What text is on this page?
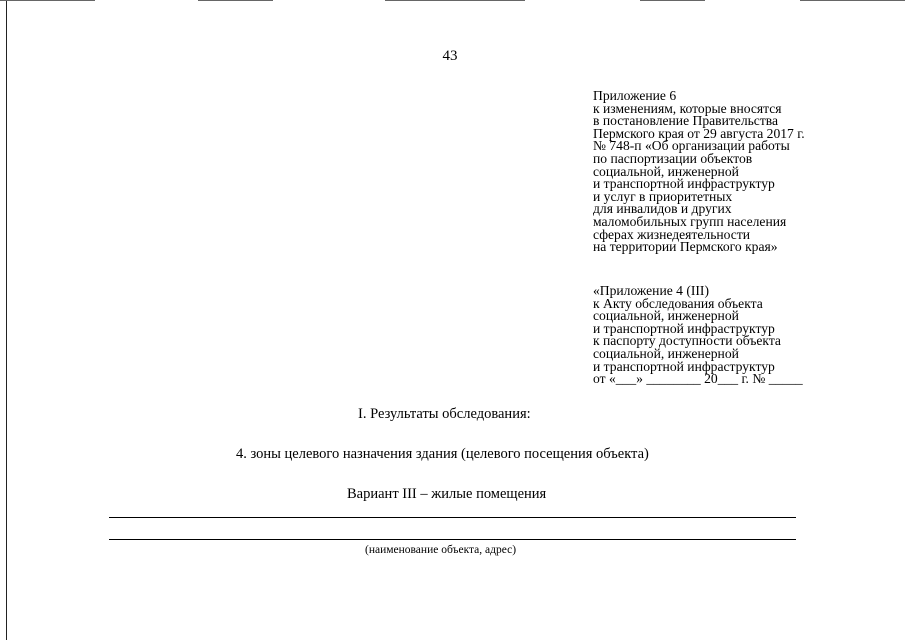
43
Приложение 6
к изменениям, которые вносятся
в постановление Правительства
Пермского края от 29 августа 2017 г.
№ 748-п «Об организации работы
по паспортизации объектов
социальной, инженерной
и транспортной инфраструктур
и услуг в приоритетных
для инвалидов и других
маломобильных групп населения
сферах жизнедеятельности
на территории Пермского края»
«Приложение 4 (III)
к Акту обследования объекта
социальной, инженерной
и транспортной инфраструктур
к паспорту доступности объекта
социальной, инженерной
и транспортной инфраструктур
от «___» ________ 20___ г. № _____
I. Результаты обследования:
4. зоны целевого назначения здания (целевого посещения объекта)
Вариант III – жилые помещения
(наименование объекта, адрес)
